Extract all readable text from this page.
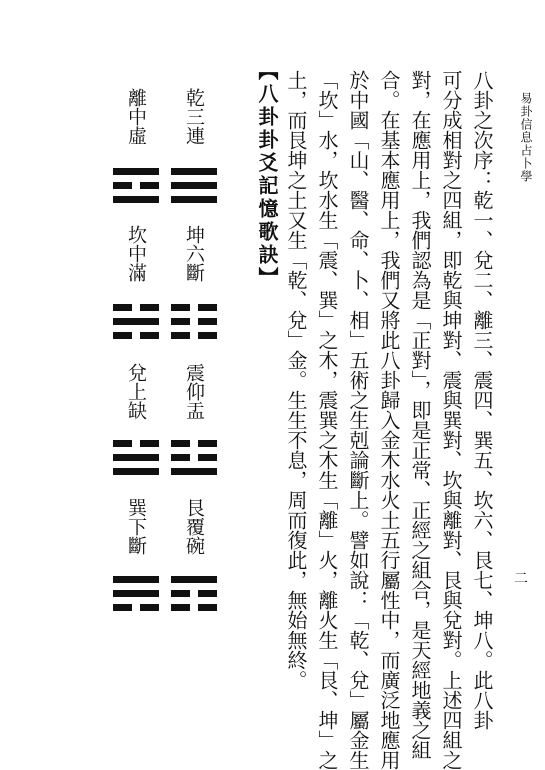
易卦信息占卜學
二
八卦之次序：乾一、兌二、離三、震四、巽五、坎六、艮七、坤八。此八卦
可分成相對之四組，即乾與坤對、震與巽對、坎與離對、艮與兌對。上述四組之
對，在應用上，我們認為是「正對」，即是正常、正經之組合，是天經地義之組
合。在基本應用上，我們又將此八卦歸入金木水火土五行屬性中，而廣泛地應用
於中國「山、醫、命、卜、相」五術之生剋論斷上。譬如說：「乾、兌」屬金生
「坎」水，坎水生「震、巽」之木，震巽之木生「離」火，離火生「艮、坤」之
土，而艮坤之土又生「乾、兌」金。生生不息，周而復此，無始無終。
【八卦卦爻記憶歌訣】
乾三連
坤六斷
震仰盂
艮覆碗
離中虛
坎中滿
兌上缺
巽下斷
